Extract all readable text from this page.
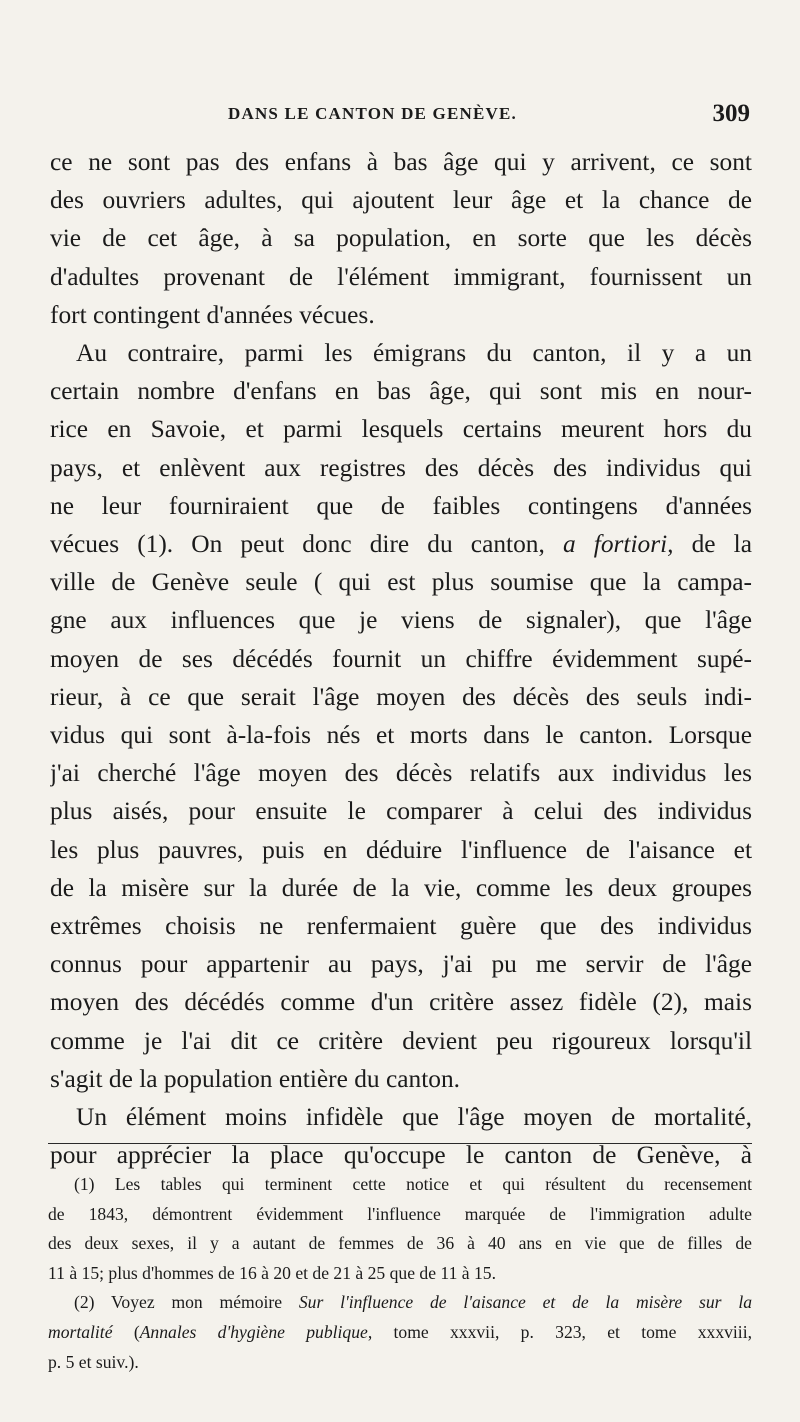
DANS LE CANTON DE GENÈVE.	309
ce ne sont pas des enfans à bas âge qui y arrivent, ce sont
des ouvriers adultes, qui ajoutent leur âge et la chance de
vie de cet âge, à sa population, en sorte que les décès
d'adultes provenant de l'élément immigrant, fournissent un
fort contingent d'années vécues.
Au contraire, parmi les émigrans du canton, il y a un
certain nombre d'enfans en bas âge, qui sont mis en nour-
rice en Savoie, et parmi lesquels certains meurent hors du
pays, et enlèvent aux registres des décès des individus qui
ne leur fourniraient que de faibles contingens d'années
vécues (1). On peut donc dire du canton, a fortiori, de la
ville de Genève seule ( qui est plus soumise que la campa-
gne aux influences que je viens de signaler), que l'âge
moyen de ses décédés fournit un chiffre évidemment supé-
rieur, à ce que serait l'âge moyen des décès des seuls indi-
vidus qui sont à-la-fois nés et morts dans le canton. Lorsque
j'ai cherché l'âge moyen des décès relatifs aux individus les
plus aisés, pour ensuite le comparer à celui des individus
les plus pauvres, puis en déduire l'influence de l'aisance et
de la misère sur la durée de la vie, comme les deux groupes
extrêmes choisis ne renfermaient guère que des individus
connus pour appartenir au pays, j'ai pu me servir de l'âge
moyen des décédés comme d'un critère assez fidèle (2), mais
comme je l'ai dit ce critère devient peu rigoureux lorsqu'il
s'agit de la population entière du canton.
Un élément moins infidèle que l'âge moyen de mortalité,
pour apprécier la place qu'occupe le canton de Genève, à
(1) Les tables qui terminent cette notice et qui résultent du recensement
de 1843, démontrent évidemment l'influence marquée de l'immigration adulte
des deux sexes, il y a autant de femmes de 36 à 40 ans en vie que de filles de
11 à 15; plus d'hommes de 16 à 20 et de 21 à 25 que de 11 à 15.
(2) Voyez mon mémoire Sur l'influence de l'aisance et de la misère sur la
mortalité (Annales d'hygiène publique, tome xxxvii, p. 323, et tome xxxviii,
p. 5 et suiv.).
